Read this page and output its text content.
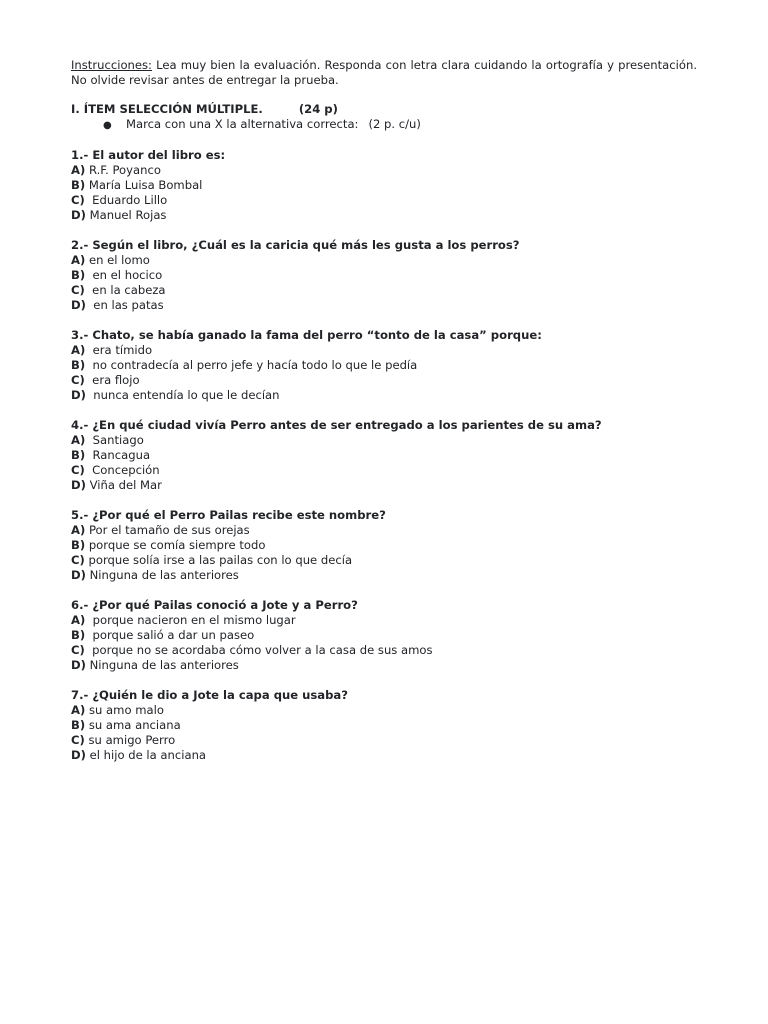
Instrucciones: Lea muy bien la evaluación. Responda con letra clara cuidando la ortografía y presentación. No olvide revisar antes de entregar la prueba.

I. ÍTEM SELECCIÓN MÚLTIPLE.	(24 p)
●	Marca con una X la alternativa correcta: (2 p. c/u)
1.- El autor del libro es:
A) R.F. Poyanco
B) María Luisa Bombal
C)  Eduardo Lillo
D) Manuel Rojas
2.- Según el libro, ¿Cuál es la caricia qué más les gusta a los perros?
A) en el lomo
B)  en el hocico
C)  en la cabeza
D)  en las patas
3.- Chato, se había ganado la fama del perro “tonto de la casa” porque:
A)  era tímido
B)  no contradecía al perro jefe y hacía todo lo que le pedía
C)  era flojo
D)  nunca entendía lo que le decían
4.- ¿En qué ciudad vivía Perro antes de ser entregado a los parientes de su ama?
A)  Santiago
B)  Rancagua
C)  Concepción
D) Viña del Mar
5.- ¿Por qué el Perro Pailas recibe este nombre?
A) Por el tamaño de sus orejas
B) porque se comía siempre todo
C) porque solía irse a las pailas con lo que decía
D) Ninguna de las anteriores
6.- ¿Por qué Pailas conoció a Jote y a Perro?
A)  porque nacieron en el mismo lugar
B)  porque salió a dar un paseo
C)  porque no se acordaba cómo volver a la casa de sus amos
D) Ninguna de las anteriores
7.- ¿Quién le dio a Jote la capa que usaba?
A) su amo malo
B) su ama anciana
C) su amigo Perro
D) el hijo de la anciana
